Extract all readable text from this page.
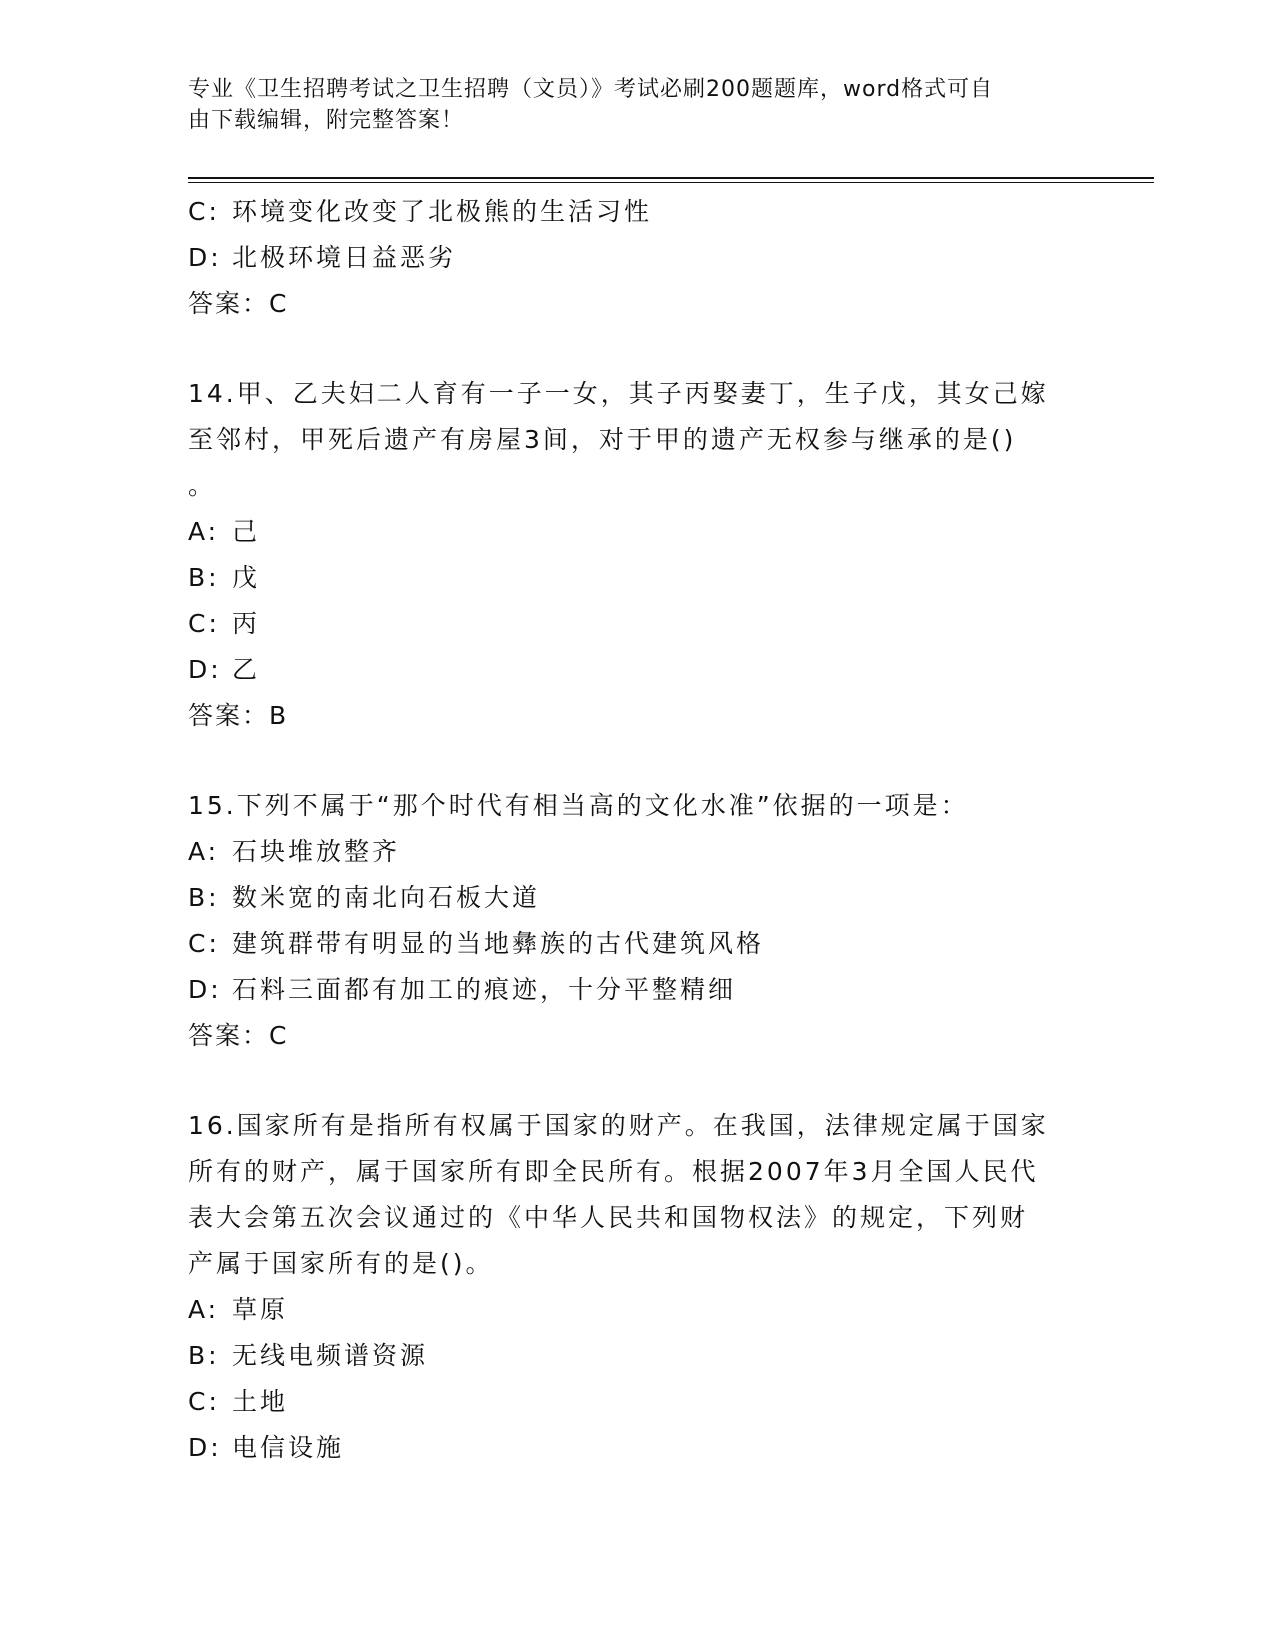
专业《卫生招聘考试之卫生招聘（文员）》考试必刷200题题库，word格式可自
由下载编辑，附完整答案！
C: 环境变化改变了北极熊的生活习性
D: 北极环境日益恶劣
答案：C
14.甲、乙夫妇二人育有一子一女，其子丙娶妻丁，生子戊，其女己嫁
至邻村，甲死后遗产有房屋3间，对于甲的遗产无权参与继承的是()
。
A: 己
B: 戊
C: 丙
D: 乙
答案：B
15.下列不属于“那个时代有相当高的文化水准”依据的一项是：
A: 石块堆放整齐
B: 数米宽的南北向石板大道
C: 建筑群带有明显的当地彝族的古代建筑风格
D: 石料三面都有加工的痕迹，十分平整精细
答案：C
16.国家所有是指所有权属于国家的财产。在我国，法律规定属于国家
所有的财产，属于国家所有即全民所有。根据2007年3月全国人民代
表大会第五次会议通过的《中华人民共和国物权法》的规定，下列财
产属于国家所有的是()。
A: 草原
B: 无线电频谱资源
C: 土地
D: 电信设施
